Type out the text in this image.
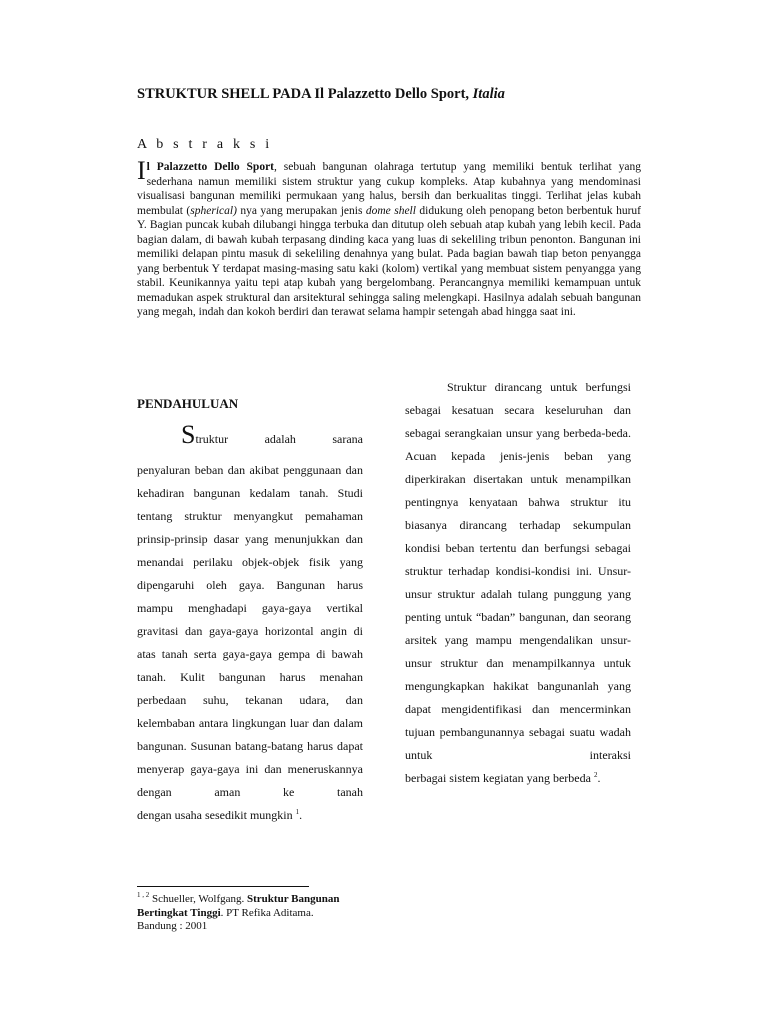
STRUKTUR SHELL PADA Il Palazzetto Dello Sport, Italia
A b s t r a k s i
Il Palazzetto Dello Sport, sebuah bangunan olahraga tertutup yang memiliki bentuk terlihat yang sederhana namun memiliki sistem struktur yang cukup kompleks. Atap kubahnya yang mendominasi visualisasi bangunan memiliki permukaan yang halus, bersih dan berkualitas tinggi. Terlihat jelas kubah membulat (spherical) nya yang merupakan jenis dome shell didukung oleh penopang beton berbentuk huruf Y. Bagian puncak kubah dilubangi hingga terbuka dan ditutup oleh sebuah atap kubah yang lebih kecil. Pada bagian dalam, di bawah kubah terpasang dinding kaca yang luas di sekeliling tribun penonton. Bangunan ini memiliki delapan pintu masuk di sekeliling denahnya yang bulat. Pada bagian bawah tiap beton penyangga yang berbentuk Y terdapat masing-masing satu kaki (kolom) vertikal yang membuat sistem penyangga yang stabil. Keunikannya yaitu tepi atap kubah yang bergelombang. Perancangnya memiliki kemampuan untuk memadukan aspek struktural dan arsitektural sehingga saling melengkapi. Hasilnya adalah sebuah bangunan yang megah, indah dan kokoh berdiri dan terawat selama hampir setengah abad hingga saat ini.
PENDAHULUAN
Struktur	adalah	sarana
penyaluran beban dan akibat penggunaan dan kehadiran bangunan kedalam tanah. Studi tentang struktur menyangkut pemahaman prinsip-prinsip dasar yang menunjukkan dan menandai perilaku objek-objek fisik yang dipengaruhi oleh gaya. Bangunan harus mampu menghadapi gaya-gaya vertikal gravitasi dan gaya-gaya horizontal angin di atas tanah serta gaya-gaya gempa di bawah tanah. Kulit bangunan harus menahan perbedaan suhu, tekanan udara, dan kelembaban antara lingkungan luar dan dalam bangunan. Susunan batang-batang harus dapat menyerap gaya-gaya ini dan meneruskannya dengan aman ke tanah
dengan usaha sesedikit mungkin $^1$.
Struktur dirancang untuk berfungsi sebagai kesatuan secara keseluruhan dan sebagai serangkaian unsur yang berbeda-beda. Acuan kepada jenis-jenis beban yang diperkirakan disertakan untuk menampilkan pentingnya kenyataan bahwa struktur itu biasanya dirancang terhadap sekumpulan kondisi beban tertentu dan berfungsi sebagai struktur terhadap kondisi-kondisi ini. Unsur-unsur struktur adalah tulang punggung yang penting untuk “badan” bangunan, dan seorang arsitek yang mampu mengendalikan unsur-unsur struktur dan menampilkannya untuk mengungkapkan hakikat bangunanlah yang dapat mengidentifikasi dan mencerminkan tujuan pembangunannya sebagai suatu wadah untuk interaksi
berbagai sistem kegiatan yang berbeda $^2$.
$^{1 , 2}$ Schueller, Wolfgang. Struktur Bangunan Bertingkat Tinggi. PT Refika Aditama.
Bandung : 2001
